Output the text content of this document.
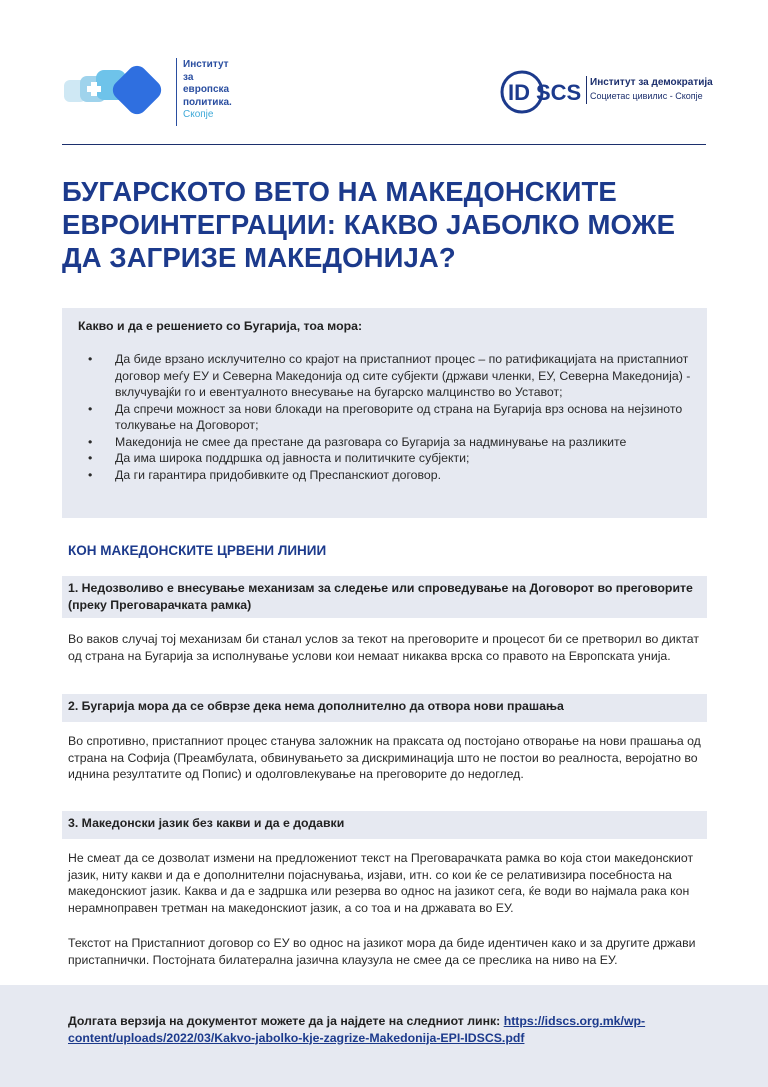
Институт
за
европска
политика.
Скопје
ID SCS Институт за демократија
Социетас цивилис - Скопје
БУГАРСКОТО ВЕТО НА МАКЕДОНСКИТЕ ЕВРОИНТЕГРАЦИИ: КАКВО ЈАБОЛКО МОЖЕ ДА ЗАГРИЗЕ МАКЕДОНИЈА?
Какво и да е решението со Бугарија, тоа мора:
• Да биде врзано исклучително со крајот на пристапниот процес – по ратификацијата на пристапниот договор меѓу ЕУ и Северна Македонија од сите субјекти (држави членки, ЕУ, Северна Македонија) - вклучувајќи го и евентуалното внесување на бугарско малцинство во Уставот;
• Да спречи можност за нови блокади на преговорите од страна на Бугарија врз основа на нејзиното толкување на Договорот;
• Македонија не смее да престане да разговара со Бугарија за надминување на разликите
• Да има широка поддршка од јавноста и политичките субјекти;
• Да ги гарантира придобивките од Преспанскиот договор.
КОН МАКЕДОНСКИТЕ ЦРВЕНИ ЛИНИИ
1. Недозволиво е внесување механизам за следење или спроведување на Договорот во преговорите (преку Преговарачката рамка)
Во ваков случај тој механизам би станал услов за текот на преговорите и процесот би се претворил во диктат од страна на Бугарија за исполнување услови кои немаат никаква врска со правото на Европската унија.
2. Бугарија мора да се обврзе дека нема дополнително да отвора нови прашања
Во спротивно, пристапниот процес станува заложник на праксата од постојано отворање на нови прашања од страна на Софија (Преамбулата, обвинувањето за дискриминација што не постои во реалноста, веројатно во иднина резултатите од Попис) и одолговлекување на преговорите до недоглед.
3. Македонски јазик без какви и да е додавки
Не смеат да се дозволат измени на предложениот текст на Преговарачката рамка во која стои македонскиот јазик, ниту какви и да е дополнителни појаснувања, изјави, итн. со кои ќе се релативизира посебноста на македонскиот јазик. Каква и да е задршка или резерва во однос на јазикот сега, ќе води во најмала рака кон нерамноправен третман на македонскиот јазик, а со тоа и на државата во ЕУ.
Текстот на Пристапниот договор со ЕУ во однос на јазикот мора да биде идентичен како и за другите држави пристапнички. Постојната билатерална јазична клаузула не смее да се преслика на ниво на ЕУ.
Долгата верзија на документот можете да ја најдете на следниот линк: https://idscs.org.mk/wp-content/uploads/2022/03/Kakvo-jabolko-kje-zagrize-Makedonija-EPI-IDSCS.pdf
